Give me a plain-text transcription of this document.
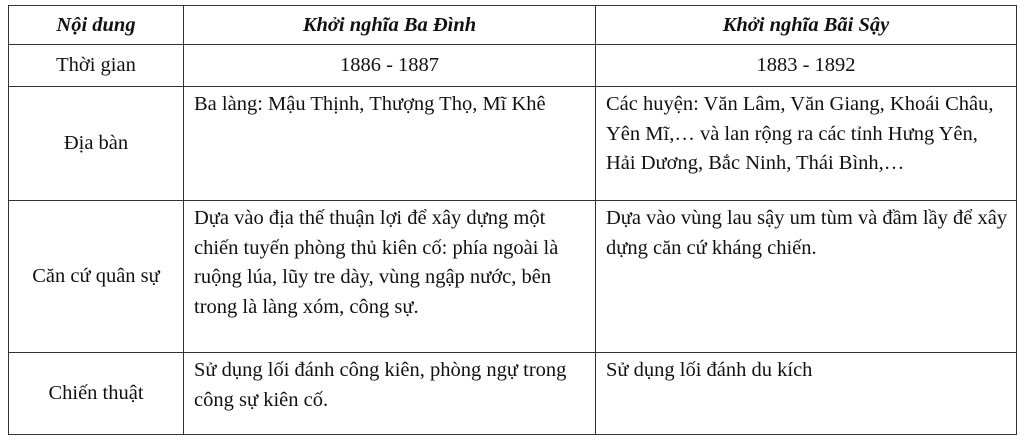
Nội dung	Khởi nghĩa Ba Đình	Khởi nghĩa Bãi Sậy
Thời gian	1886 - 1887	1883 - 1892
Địa bàn	Ba làng: Mậu Thịnh, Thượng Thọ, Mĩ Khê	Các huyện: Văn Lâm, Văn Giang, Khoái Châu, Yên Mĩ,… và lan rộng ra các tỉnh Hưng Yên, Hải Dương, Bắc Ninh, Thái Bình,…
Căn cứ quân sự	Dựa vào địa thế thuận lợi để xây dựng một chiến tuyến phòng thủ kiên cố: phía ngoài là ruộng lúa, lũy tre dày, vùng ngập nước, bên trong là làng xóm, công sự.	Dựa vào vùng lau sậy um tùm và đầm lầy để xây dựng căn cứ kháng chiến.
Chiến thuật	Sử dụng lối đánh công kiên, phòng ngự trong công sự kiên cố.	Sử dụng lối đánh du kích
